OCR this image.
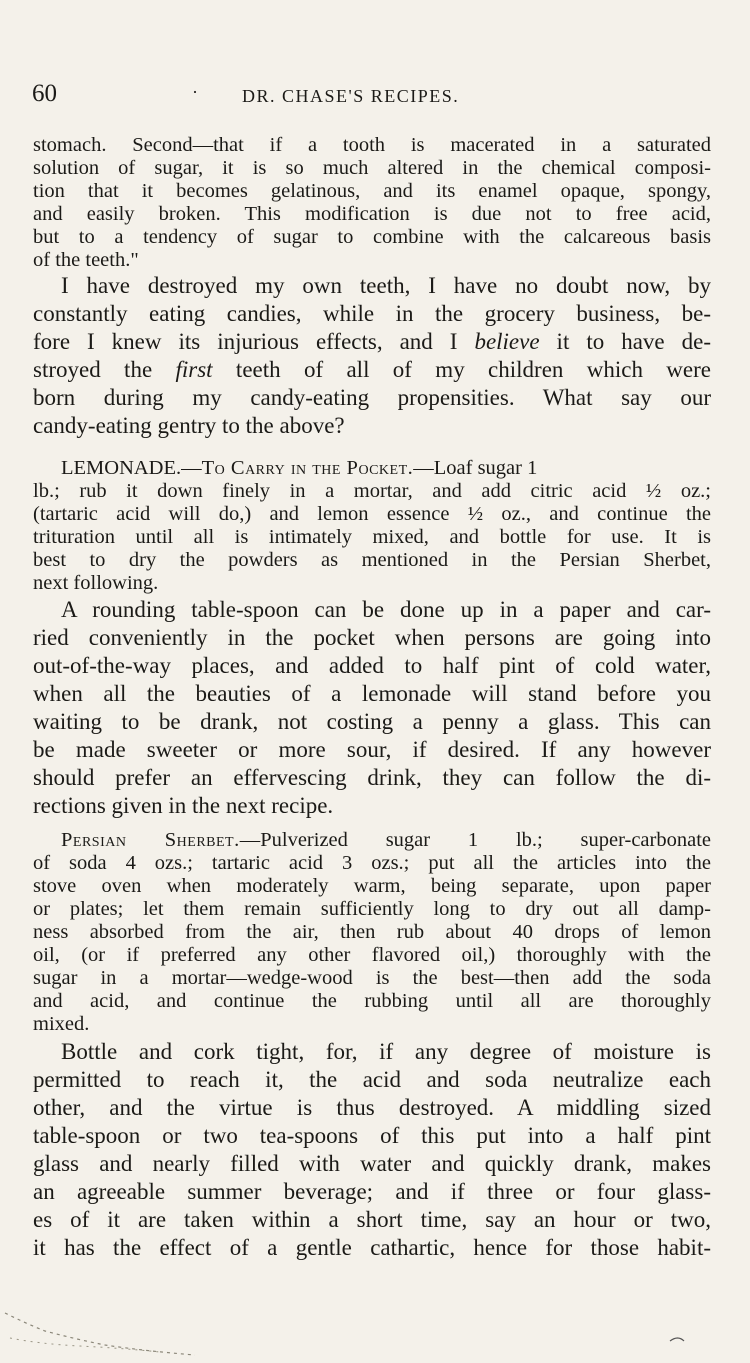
60	· DR. CHASE'S RECIPES.
stomach. Second—that if a tooth is macerated in a saturated
solution of sugar, it is so much altered in the chemical composi-
tion that it becomes gelatinous, and its enamel opaque, spongy,
and easily broken. This modification is due not to free acid,
but to a tendency of sugar to combine with the calcareous basis
of the teeth."
I have destroyed my own teeth, I have no doubt now, by
constantly eating candies, while in the grocery business, be-
fore I knew its injurious effects, and I believe it to have de-
stroyed the first teeth of all of my children which were
born during my candy-eating propensities. What say our
candy-eating gentry to the above?
LEMONADE.—To Carry in the Pocket.—Loaf sugar 1
lb.; rub it down finely in a mortar, and add citric acid ½ oz.;
(tartaric acid will do,) and lemon essence ½ oz., and continue the
trituration until all is intimately mixed, and bottle for use. It is
best to dry the powders as mentioned in the Persian Sherbet,
next following.
A rounding table-spoon can be done up in a paper and car-
ried conveniently in the pocket when persons are going into
out-of-the-way places, and added to half pint of cold water,
when all the beauties of a lemonade will stand before you
waiting to be drank, not costing a penny a glass. This can
be made sweeter or more sour, if desired. If any however
should prefer an effervescing drink, they can follow the di-
rections given in the next recipe.
Persian Sherbet.—Pulverized sugar 1 lb.; super-carbonate
of soda 4 ozs.; tartaric acid 3 ozs.; put all the articles into the
stove oven when moderately warm, being separate, upon paper
or plates; let them remain sufficiently long to dry out all damp-
ness absorbed from the air, then rub about 40 drops of lemon
oil, (or if preferred any other flavored oil,) thoroughly with the
sugar in a mortar—wedge-wood is the best—then add the soda
and acid, and continue the rubbing until all are thoroughly
mixed.
Bottle and cork tight, for, if any degree of moisture is
permitted to reach it, the acid and soda neutralize each
other, and the virtue is thus destroyed. A middling sized
table-spoon or two tea-spoons of this put into a half pint
glass and nearly filled with water and quickly drank, makes
an agreeable summer beverage; and if three or four glass-
es of it are taken within a short time, say an hour or two,
it has the effect of a gentle cathartic, hence for those habit-
